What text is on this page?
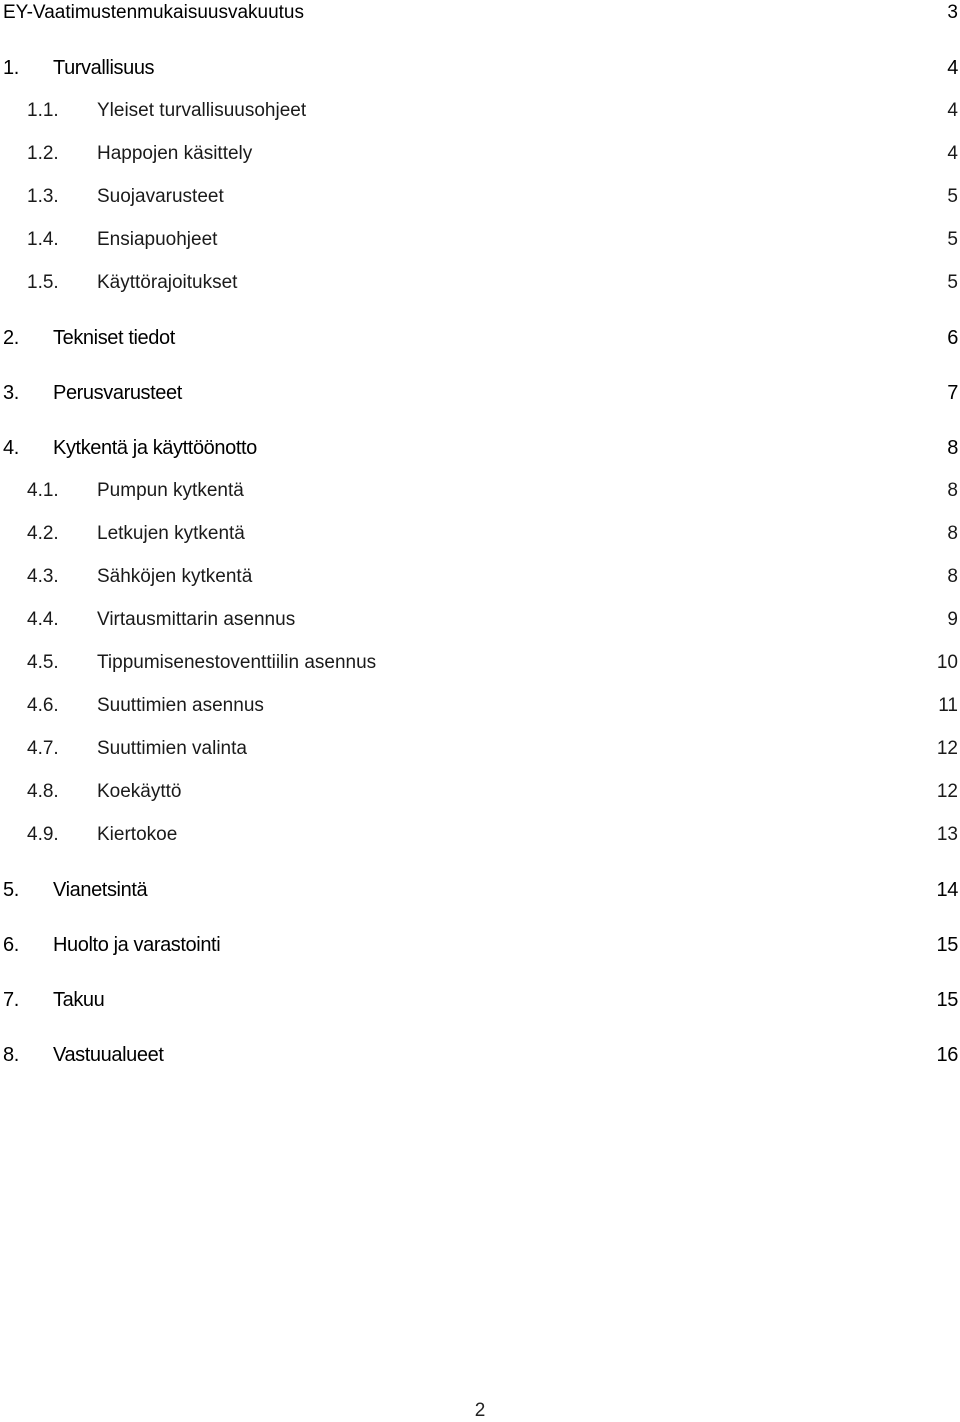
EY-Vaatimustenmukaisuusvakuutus	3
1.	Turvallisuus	4
1.1.	Yleiset turvallisuusohjeet	4
1.2.	Happojen käsittely	4
1.3.	Suojavarusteet	5
1.4.	Ensiapuohjeet	5
1.5.	Käyttörajoitukset	5
2.	Tekniset tiedot	6
3.	Perusvarusteet	7
4.	Kytkentä ja käyttöönotto	8
4.1.	Pumpun kytkentä	8
4.2.	Letkujen kytkentä	8
4.3.	Sähköjen kytkentä	8
4.4.	Virtausmittarin asennus	9
4.5.	Tippumisenestoventtiilin asennus	10
4.6.	Suuttimien asennus	11
4.7.	Suuttimien valinta	12
4.8.	Koekäyttö	12
4.9.	Kiertokoe	13
5.	Vianetsintä	14
6.	Huolto ja varastointi	15
7.	Takuu	15
8.	Vastuualueet	16
2
